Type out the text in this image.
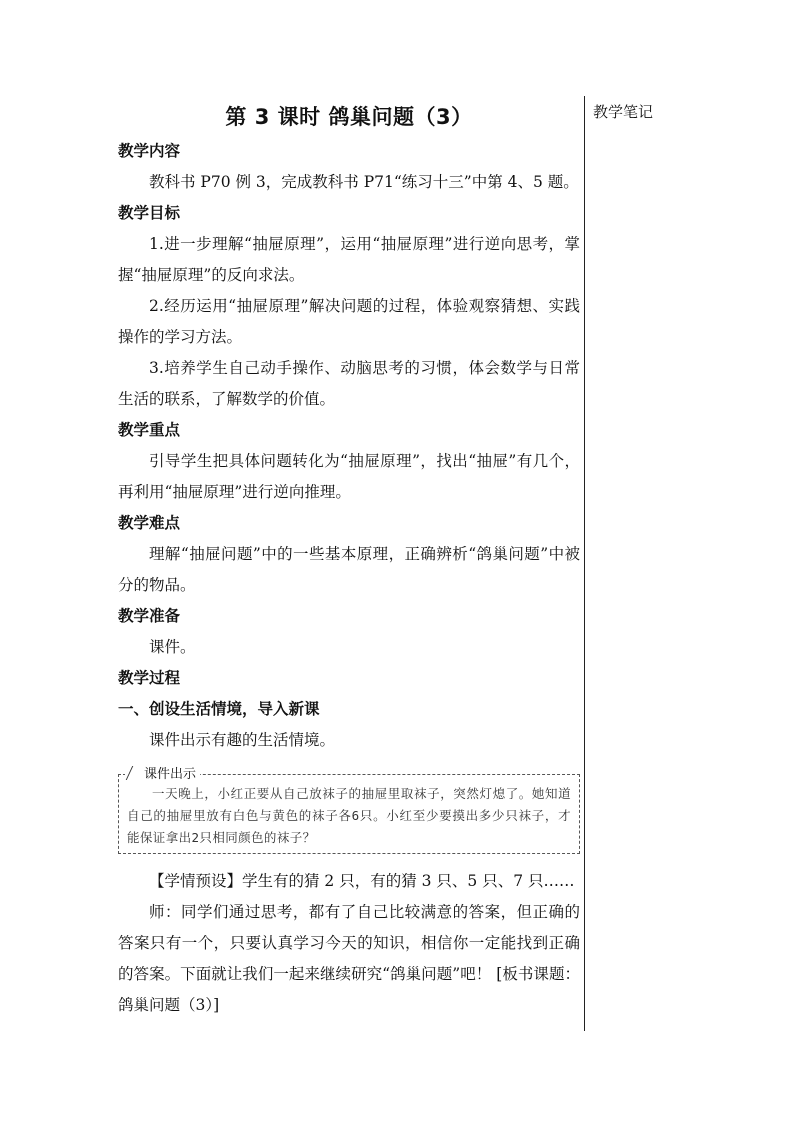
教学笔记
第 3 课时 鸽巢问题（3）
教学内容
教科书 P70 例 3，完成教科书 P71“练习十三”中第 4、5 题。
教学目标
1.进一步理解“抽屉原理”，运用“抽屉原理”进行逆向思考，掌握“抽屉原理”的反向求法。
2.经历运用“抽屉原理”解决问题的过程，体验观察猜想、实践操作的学习方法。
3.培养学生自己动手操作、动脑思考的习惯，体会数学与日常生活的联系，了解数学的价值。
教学重点
引导学生把具体问题转化为“抽屉原理”，找出“抽屉”有几个，再利用“抽屉原理”进行逆向推理。
教学难点
理解“抽屉问题”中的一些基本原理，正确辨析“鸽巢问题”中被分的物品。
教学准备
课件。
教学过程
一、创设生活情境，导入新课
课件出示有趣的生活情境。
课件出示
一天晚上，小红正要从自己放袜子的抽屉里取袜子，突然灯熄了。她知道自己的抽屉里放有白色与黄色的袜子各6只。小红至少要摸出多少只袜子，才能保证拿出2只相同颜色的袜子？
【学情预设】学生有的猜 2 只，有的猜 3 只、5 只、7 只……
师：同学们通过思考，都有了自己比较满意的答案，但正确的答案只有一个，只要认真学习今天的知识，相信你一定能找到正确的答案。下面就让我们一起来继续研究“鸽巢问题”吧！ [板书课题：鸽巢问题（3）]
